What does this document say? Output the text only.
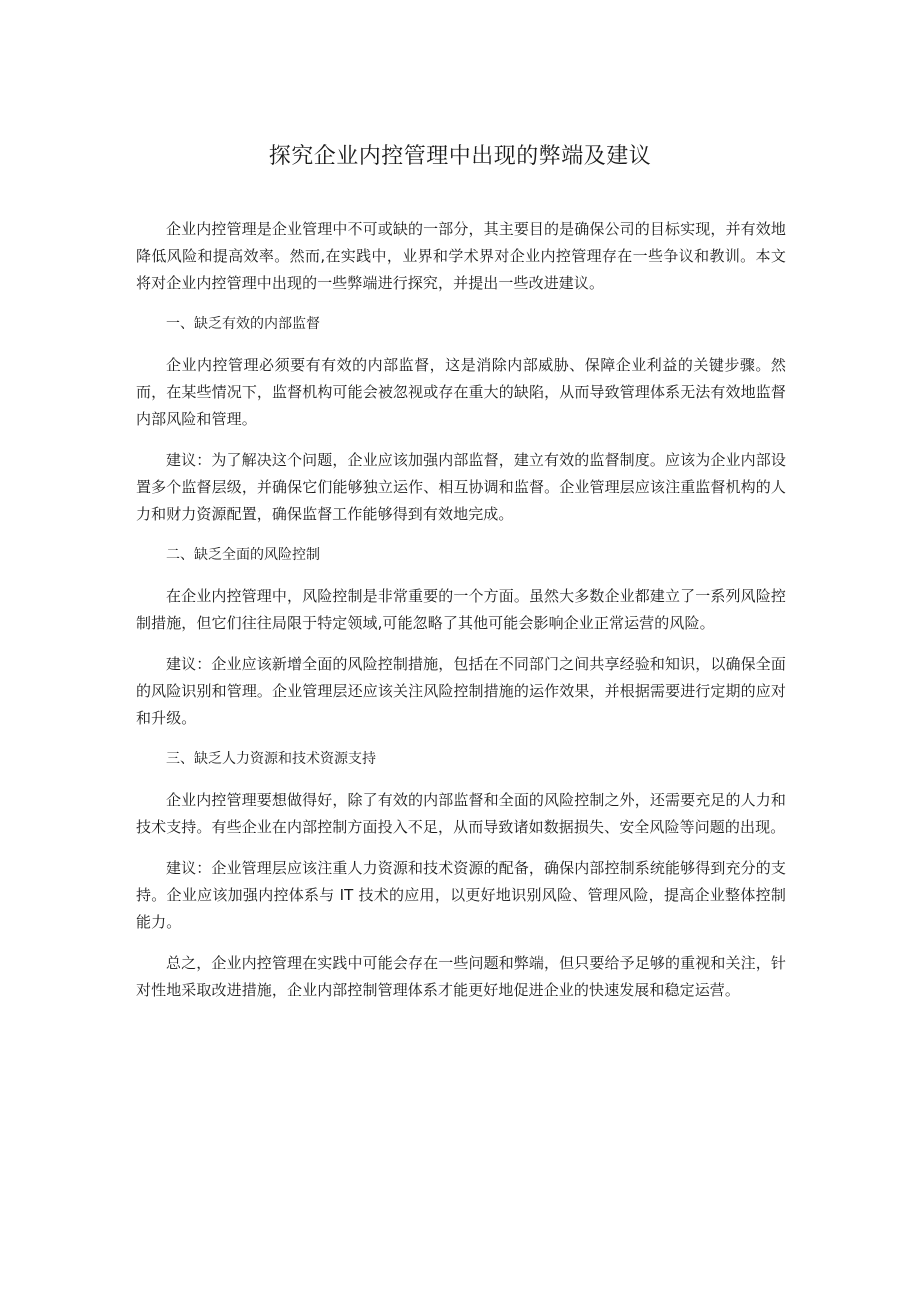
探究企业内控管理中出现的弊端及建议

企业内控管理是企业管理中不可或缺的一部分，其主要目的是确保公司的目标实现，并有效地降低风险和提高效率。然而,在实践中，业界和学术界对企业内控管理存在一些争议和教训。本文将对企业内控管理中出现的一些弊端进行探究，并提出一些改进建议。

一、缺乏有效的内部监督

企业内控管理必须要有有效的内部监督，这是消除内部威胁、保障企业利益的关键步骤。然而，在某些情况下，监督机构可能会被忽视或存在重大的缺陷，从而导致管理体系无法有效地监督内部风险和管理。

建议：为了解决这个问题，企业应该加强内部监督，建立有效的监督制度。应该为企业内部设置多个监督层级，并确保它们能够独立运作、相互协调和监督。企业管理层应该注重监督机构的人力和财力资源配置，确保监督工作能够得到有效地完成。

二、缺乏全面的风险控制

在企业内控管理中，风险控制是非常重要的一个方面。虽然大多数企业都建立了一系列风险控制措施，但它们往往局限于特定领域,可能忽略了其他可能会影响企业正常运营的风险。

建议：企业应该新增全面的风险控制措施，包括在不同部门之间共享经验和知识，以确保全面的风险识别和管理。企业管理层还应该关注风险控制措施的运作效果，并根据需要进行定期的应对和升级。

三、缺乏人力资源和技术资源支持

企业内控管理要想做得好，除了有效的内部监督和全面的风险控制之外，还需要充足的人力和技术支持。有些企业在内部控制方面投入不足，从而导致诸如数据损失、安全风险等问题的出现。

建议：企业管理层应该注重人力资源和技术资源的配备，确保内部控制系统能够得到充分的支持。企业应该加强内控体系与 IT 技术的应用，以更好地识别风险、管理风险，提高企业整体控制能力。

总之，企业内控管理在实践中可能会存在一些问题和弊端，但只要给予足够的重视和关注，针对性地采取改进措施，企业内部控制管理体系才能更好地促进企业的快速发展和稳定运营。
